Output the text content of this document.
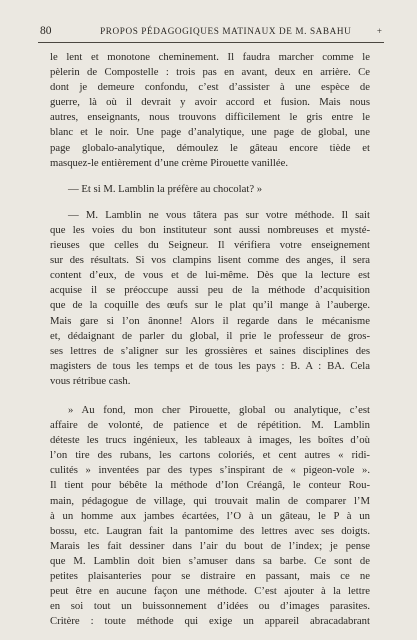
80	PROPOS PÉDAGOGIQUES MATINAUX DE M. SABAHU	+

le lent et monotone cheminement. Il faudra marcher comme le
pèlerin de Compostelle : trois pas en avant, deux en arrière. Ce
dont je demeure confondu, c’est d’assister à une espèce de
guerre, là où il devrait y avoir accord et fusion. Mais nous
autres, enseignants, nous trouvons difficilement le gris entre le
blanc et le noir. Une page d’analytique, une page de global, une
page globalo-analytique, démoulez le gâteau encore tiède et
masquez-le entièrement d’une crème Pirouette vanillée.

— Et si M. Lamblin la préfère au chocolat? »

— M. Lamblin ne vous tâtera pas sur votre méthode. Il sait
que les voies du bon instituteur sont aussi nombreuses et mysté-
rieuses que celles du Seigneur. Il vérifiera votre enseignement
sur des résultats. Si vos clampins lisent comme des anges, il sera
content d’eux, de vous et de lui-même. Dès que la lecture est
acquise il se préoccupe aussi peu de la méthode d’acquisition
que de la coquille des œufs sur le plat qu’il mange à l’auberge.
Mais gare si l’on ânonne! Alors il regarde dans le mécanisme
et, dédaignant de parler du global, il prie le professeur de gros-
ses lettres de s’aligner sur les grossières et saines disciplines des
magisters de tous les temps et de tous les pays : B. A : BA. Cela
vous rétribue cash.

» Au fond, mon cher Pirouette, global ou analytique, c’est
affaire de volonté, de patience et de répétition. M. Lamblin
déteste les trucs ingénieux, les tableaux à images, les boîtes d’où
l’on tire des rubans, les cartons coloriés, et cent autres « ridi-
culités » inventées par des types s’inspirant de « pigeon-vole ».
Il tient pour bébête la méthode d’Ion Créangâ, le conteur Rou-
main, pédagogue de village, qui trouvait malin de comparer l’M
à un homme aux jambes écartées, l’O à un gâteau, le P à un
bossu, etc. Laugran fait la pantomime des lettres avec ses doigts.
Marais les fait dessiner dans l’air du bout de l’index; je pense
que M. Lamblin doit bien s’amuser dans sa barbe. Ce sont de
petites plaisanteries pour se distraire en passant, mais ce ne
peut être en aucune façon une méthode. C’est ajouter à la lettre
en soi tout un buissonnement d’idées ou d’images parasites.
Critère : toute méthode qui exige un appareil abracadabrant
